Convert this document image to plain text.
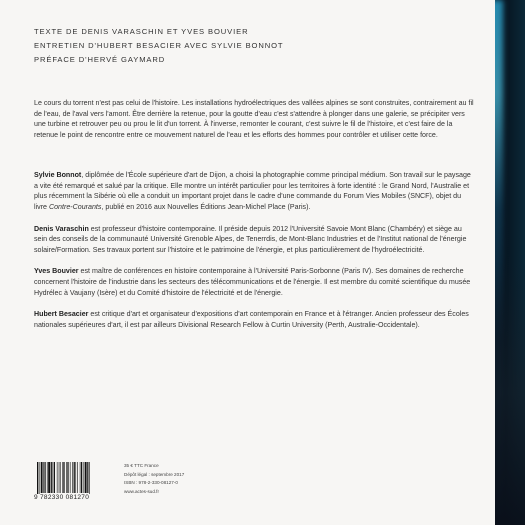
TEXTE DE DENIS VARASCHIN ET YVES BOUVIER
ENTRETIEN D'HUBERT BESACIER AVEC SYLVIE BONNOT
PRÉFACE D'HERVÉ GAYMARD
Le cours du torrent n'est pas celui de l'histoire. Les installations hydroélectriques des vallées alpines se sont construites, contrairement au fil de l'eau, de l'aval vers l'amont. Être derrière la retenue, pour la goutte d'eau c'est s'attendre à plonger dans une galerie, se précipiter vers une turbine et retrouver peu ou prou le lit d'un torrent. À l'inverse, remonter le courant, c'est suivre le fil de l'histoire, et c'est faire de la retenue le point de rencontre entre ce mouvement naturel de l'eau et les efforts des hommes pour contrôler et utiliser cette force.
Sylvie Bonnot, diplômée de l'École supérieure d'art de Dijon, a choisi la photographie comme principal médium. Son travail sur le paysage a vite été remarqué et salué par la critique. Elle montre un intérêt particulier pour les territoires à forte identité : le Grand Nord, l'Australie et plus récemment la Sibérie où elle a conduit un important projet dans le cadre d'une commande du Forum Vies Mobiles (SNCF), objet du livre Contre-Courants, publié en 2016 aux Nouvelles Éditions Jean-Michel Place (Paris).
Denis Varaschin est professeur d'histoire contemporaine. Il préside depuis 2012 l'Université Savoie Mont Blanc (Chambéry) et siège au sein des conseils de la communauté Université Grenoble Alpes, de Tenerrdis, de Mont-Blanc Industries et de l'Institut national de l'énergie solaire/Formation. Ses travaux portent sur l'histoire et le patrimoine de l'énergie, et plus particulièrement de l'hydroélectricité.
Yves Bouvier est maître de conférences en histoire contemporaine à l'Université Paris-Sorbonne (Paris IV). Ses domaines de recherche concernent l'histoire de l'industrie dans les secteurs des télécommunications et de l'énergie. Il est membre du comité scientifique du musée Hydrélec à Vaujany (Isère) et du Comité d'histoire de l'électricité et de l'énergie.
Hubert Besacier est critique d'art et organisateur d'expositions d'art contemporain en France et à l'étranger. Ancien professeur des Écoles nationales supérieures d'art, il est par ailleurs Divisional Research Fellow à Curtin University (Perth, Australie-Occidentale).
9 782330 081270
35 € TTC France
Dépôt légal : septembre 2017
ISBN : 978-2-330-08127-0
www.actes-sud.fr
